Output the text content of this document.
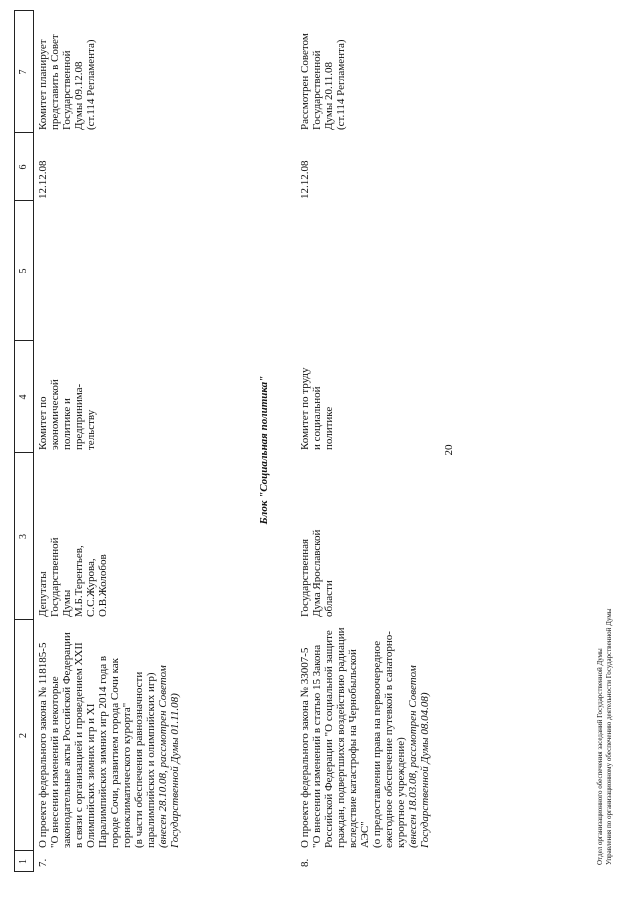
1
2
3
4
5
6
7
7.
О проекте федерального закона № 118185-5 "О внесении изменений в некоторые законодательные акты Российской Федерации в связи с организацией и проведением XXII Олимпийских зимних игр и XI Паралимпийских зимних игр 2014 года в городе Сочи, развитием города Сочи как горноклиматического курорта" (в части обеспечения равнозначности паралимпийских и олимпийских игр) (внесен 28.10.08, рассмотрен Советом Государственной Думы 01.11.08)
Депутаты Государственной Думы М.Б.Терентьев, С.С.Журова, О.В.Жолобов
Комитет по экономической политике и предпринима- тельству
12.12.08
Комитет планирует представить в Совет Государственной Думы 09.12.08 (ст.114 Регламента)
Блок "Социальная политика"
8.
О проекте федерального закона № 33007-5 "О внесении изменений в статью 15 Закона Российской Федерации "О социальной защите граждан, подвергшихся воздействию радиации вследствие катастрофы на Чернобыльской АЭС" (о предоставлении права на первоочередное ежегодное обеспечение путевкой в санаторно- курортное учреждение) (внесен 18.03.08, рассмотрен Советом Государственной Думы 08.04.08)
Государственная Дума Ярославской области
Комитет по труду и социальной политике
12.12.08
Рассмотрен Советом Государственной Думы 20.11.08 (ст.114 Регламента)
20
Отдел организационного обеспечения заседаний Государственной Думы Управления по организационному обеспечению деятельности Государственной Думы
